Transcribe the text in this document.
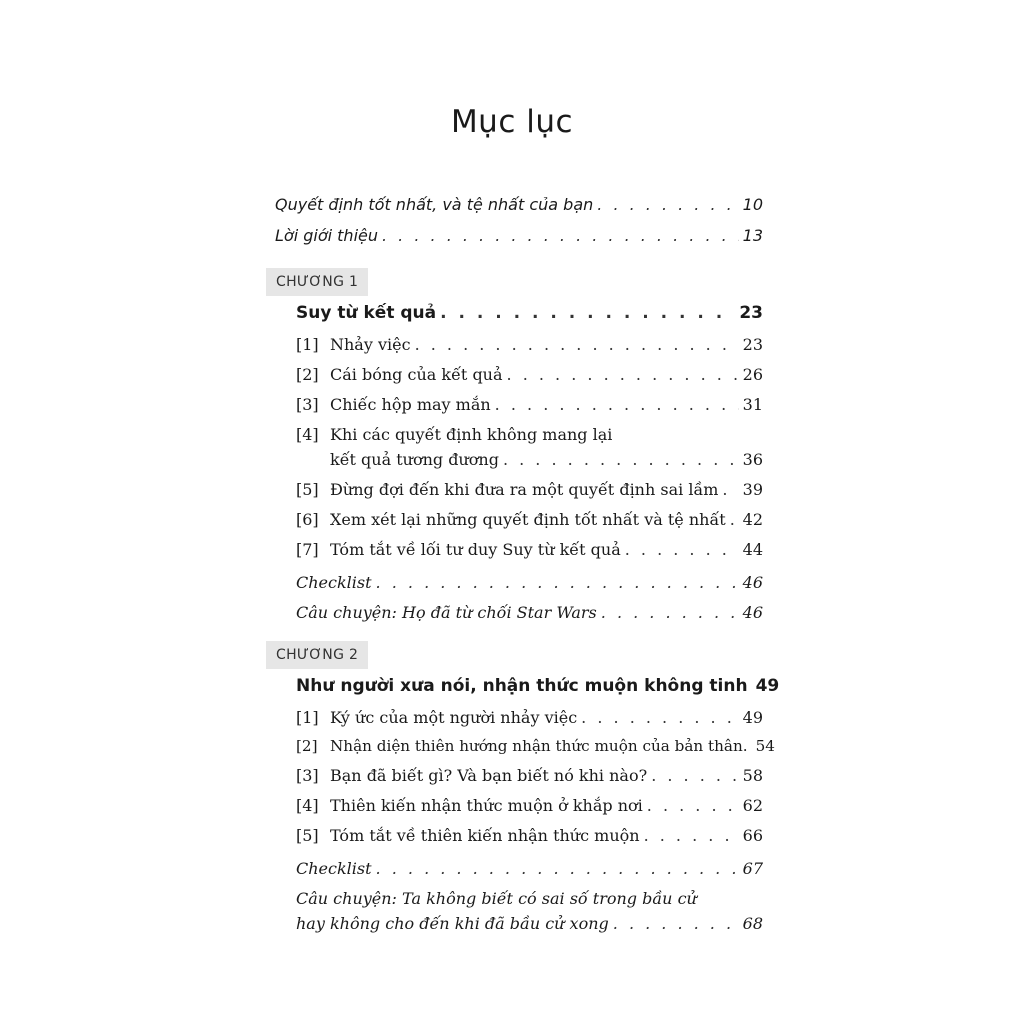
Mục lục
Quyết định tốt nhất, và tệ nhất của bạn . . .	10
Lời giới thiệu . . .	13
CHƯƠNG 1
Suy từ kết quả . . .	23
[1] Nhảy việc . . .	23
[2] Cái bóng của kết quả . . .	26
[3] Chiếc hộp may mắn . . .	31
[4] Khi các quyết định không mang lại
kết quả tương đương . . .	36
[5] Đừng đợi đến khi đưa ra một quyết định sai lầm . . . 39
[6] Xem xét lại những quyết định tốt nhất và tệ nhất . . . 42
[7] Tóm tắt về lối tư duy Suy từ kết quả . . .	44
Checklist . . .	46
Câu chuyện: Họ đã từ chối Star Wars . . .	46
CHƯƠNG 2
Như người xưa nói, nhận thức muộn không tinh 49
[1] Ký ức của một người nhảy việc . . .	49
[2] Nhận diện thiên hướng nhận thức muộn của bản thân. 54
[3] Bạn đã biết gì? Và bạn biết nó khi nào? . . .	58
[4] Thiên kiến nhận thức muộn ở khắp nơi . . .	62
[5] Tóm tắt về thiên kiến nhận thức muộn . . .	66
Checklist . . .	67
Câu chuyện: Ta không biết có sai số trong bầu cử
hay không cho đến khi đã bầu cử xong . . .	68
